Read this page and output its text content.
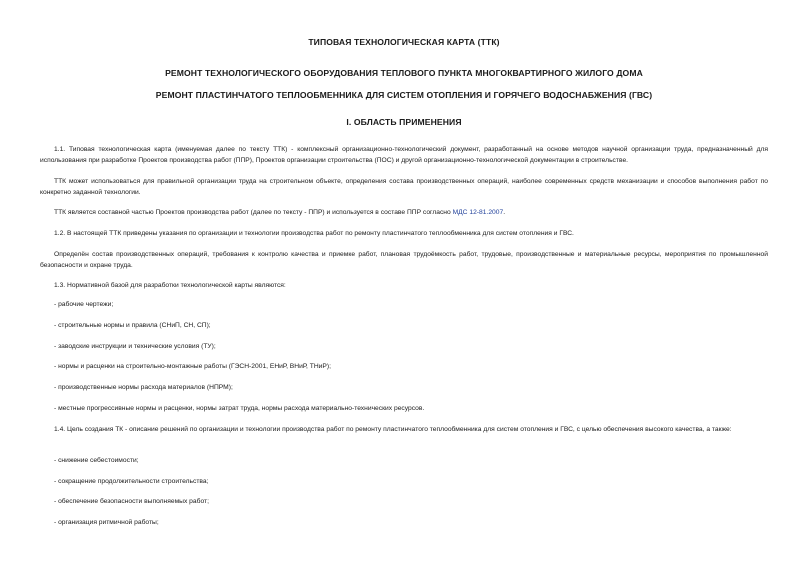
ТИПОВАЯ ТЕХНОЛОГИЧЕСКАЯ КАРТА (ТТК)
РЕМОНТ ТЕХНОЛОГИЧЕСКОГО ОБОРУДОВАНИЯ ТЕПЛОВОГО ПУНКТА МНОГОКВАРТИРНОГО ЖИЛОГО ДОМА
РЕМОНТ ПЛАСТИНЧАТОГО ТЕПЛООБМЕННИКА ДЛЯ СИСТЕМ ОТОПЛЕНИЯ И ГОРЯЧЕГО ВОДОСНАБЖЕНИЯ (ГВС)
I. ОБЛАСТЬ ПРИМЕНЕНИЯ
1.1. Типовая технологическая карта (именуемая далее по тексту ТТК) - комплексный организационно-технологический документ, разработанный на основе методов научной организации труда, предназначенный для использования при разработке Проектов производства работ (ППР), Проектов организации строительства (ПОС) и другой организационно-технологической документации в строительстве.
ТТК может использоваться для правильной организации труда на строительном объекте, определения состава производственных операций, наиболее современных средств механизации и способов выполнения работ по конкретно заданной технологии.
ТТК является составной частью Проектов производства работ (далее по тексту - ППР) и используется в составе ППР согласно МДС 12-81.2007.
1.2. В настоящей ТТК приведены указания по организации и технологии производства работ по ремонту пластинчатого теплообменника для систем отопления и ГВС.
Определён состав производственных операций, требования к контролю качества и приемке работ, плановая трудоёмкость работ, трудовые, производственные и материальные ресурсы, мероприятия по промышленной безопасности и охране труда.
1.3. Нормативной базой для разработки технологической карты являются:
- рабочие чертежи;
- строительные нормы и правила (СНиП, СН, СП);
- заводские инструкции и технические условия (ТУ);
- нормы и расценки на строительно-монтажные работы (ГЭСН-2001, ЕНиР, ВНиР, ТНиР);
- производственные нормы расхода материалов (НПРМ);
- местные прогрессивные нормы и расценки, нормы затрат труда, нормы расхода материально-технических ресурсов.
1.4. Цель создания ТК - описание решений по организации и технологии производства работ по ремонту пластинчатого теплообменника для систем отопления и ГВС, с целью обеспечения высокого качества, а также:
- снижение себестоимости;
- сокращение продолжительности строительства;
- обеспечение безопасности выполняемых работ;
- организация ритмичной работы;
